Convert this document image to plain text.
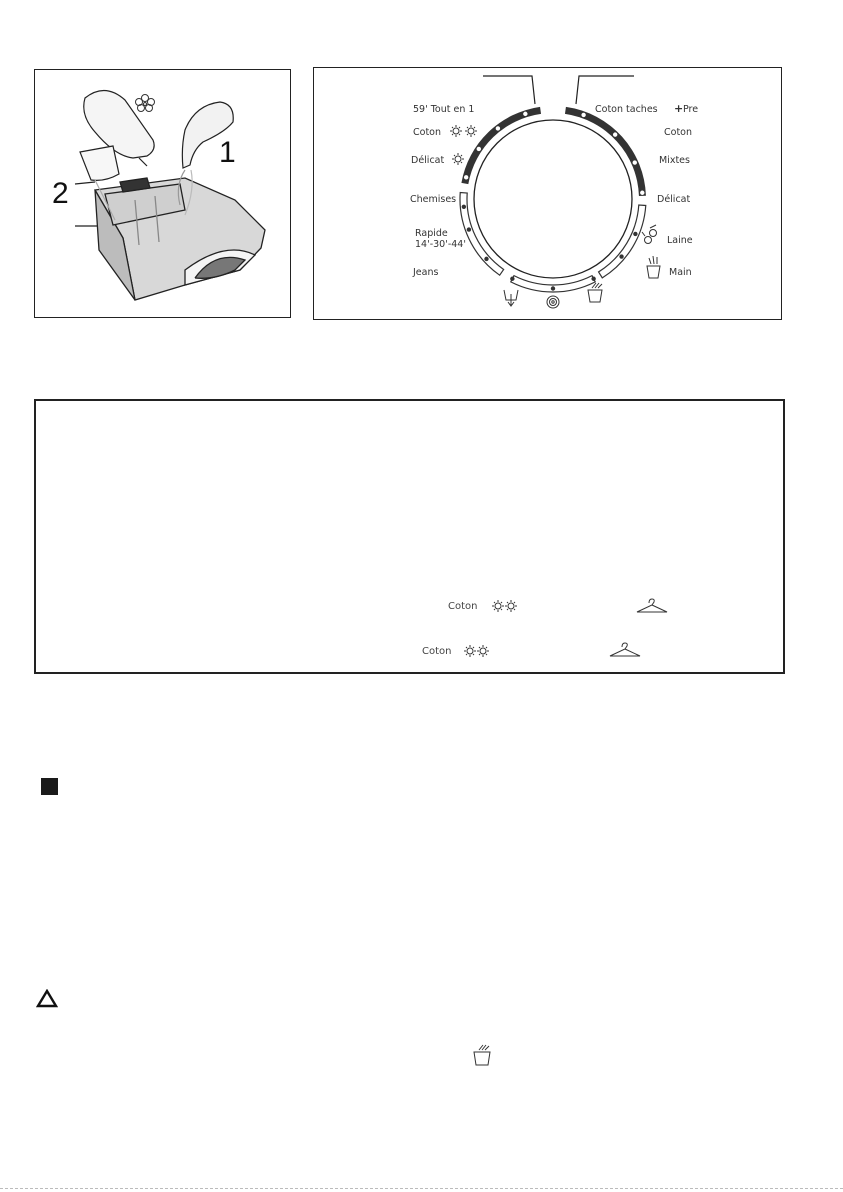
1
2
59' Tout en 1
Coton
Délicat
Chemises
Rapide
14'-30'-44'
Jeans
Coton taches + Pre
Coton
Mixtes
Délicat
Laine
Main
Coton
Coton
